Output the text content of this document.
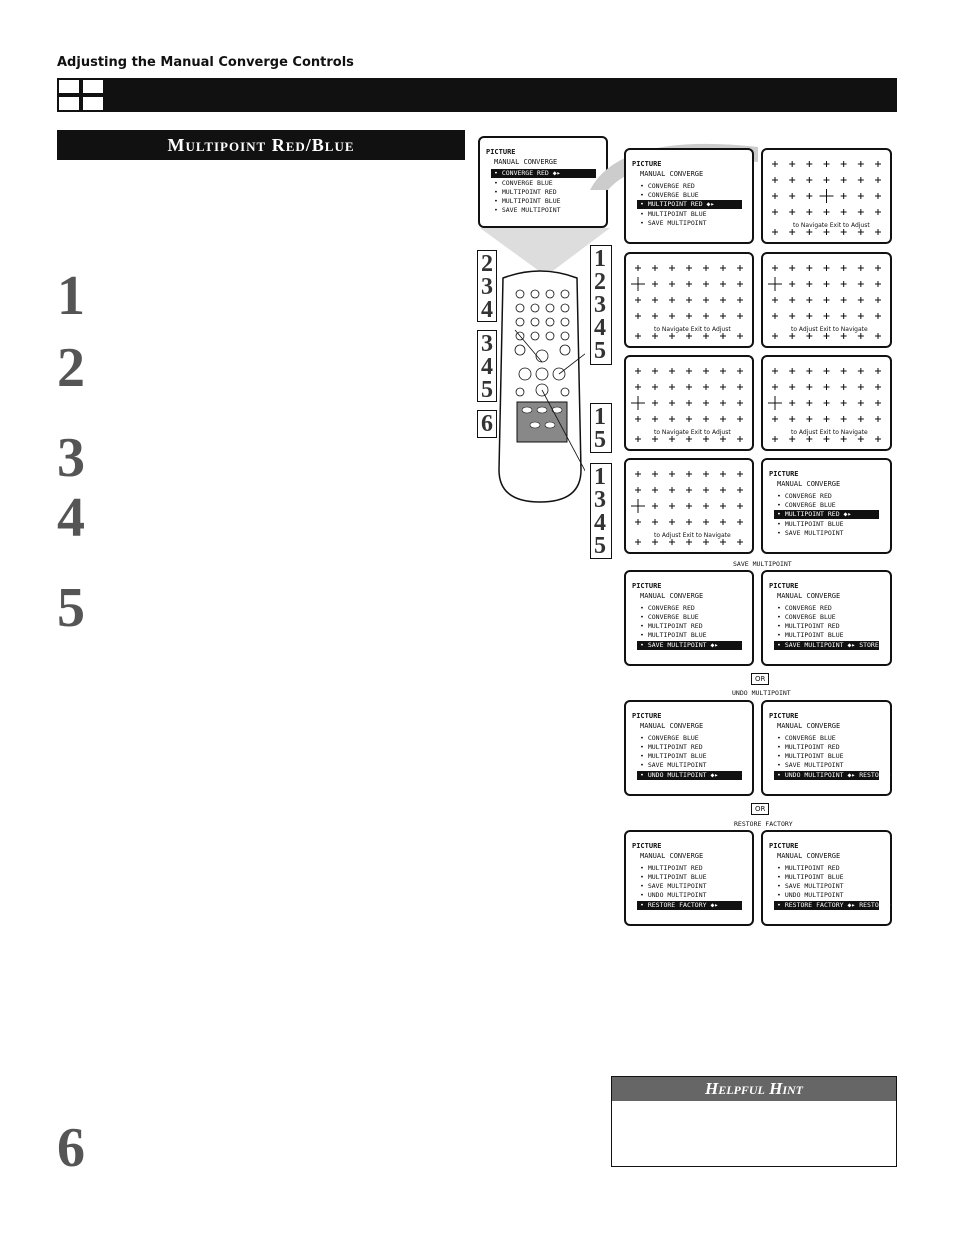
Adjusting the Manual Converge Controls
Multipoint Red/Blue
1
2
3
4
5
6
PICTURE
MANUAL CONVERGE
• CONVERGE RED ◆▸
• CONVERGE BLUE
• MULTIPOINT RED
• MULTIPOINT BLUE
• SAVE MULTIPOINT
2
3
4
3
4
5
6
1
2
3
4
5
1
5
1
3
4
5
PICTURE
MANUAL CONVERGE
• CONVERGE RED
• CONVERGE BLUE
• MULTIPOINT RED ◆▸
• MULTIPOINT BLUE
• SAVE MULTIPOINT	to Navigate Exit to Adjust
to Navigate Exit to Adjust	to Adjust Exit to Navigate
to Navigate Exit to Adjust	to Adjust Exit to Navigate
to Adjust Exit to Navigate
PICTURE
MANUAL CONVERGE
• CONVERGE RED
• CONVERGE BLUE
• MULTIPOINT RED ◆▸
• MULTIPOINT BLUE
• SAVE MULTIPOINT
SAVE MULTIPOINT
PICTURE
MANUAL CONVERGE
• CONVERGE RED
• CONVERGE BLUE
• MULTIPOINT RED
• MULTIPOINT BLUE
• SAVE MULTIPOINT ◆▸
PICTURE
MANUAL CONVERGE
• CONVERGE RED
• CONVERGE BLUE
• MULTIPOINT RED
• MULTIPOINT BLUE
• SAVE MULTIPOINT ◆▸ STORED
OR
UNDO MULTIPOINT
PICTURE
MANUAL CONVERGE
• CONVERGE BLUE
• MULTIPOINT RED
• MULTIPOINT BLUE
• SAVE MULTIPOINT
• UNDO MULTIPOINT ◆▸
PICTURE
MANUAL CONVERGE
• CONVERGE BLUE
• MULTIPOINT RED
• MULTIPOINT BLUE
• SAVE MULTIPOINT
• UNDO MULTIPOINT ◆▸ RESTORED
OR
RESTORE FACTORY
PICTURE
MANUAL CONVERGE
• MULTIPOINT RED
• MULTIPOINT BLUE
• SAVE MULTIPOINT
• UNDO MULTIPOINT
• RESTORE FACTORY ◆▸
PICTURE
MANUAL CONVERGE
• MULTIPOINT RED
• MULTIPOINT BLUE
• SAVE MULTIPOINT
• UNDO MULTIPOINT
• RESTORE FACTORY ◆▸ RESTORED
Helpful Hint
